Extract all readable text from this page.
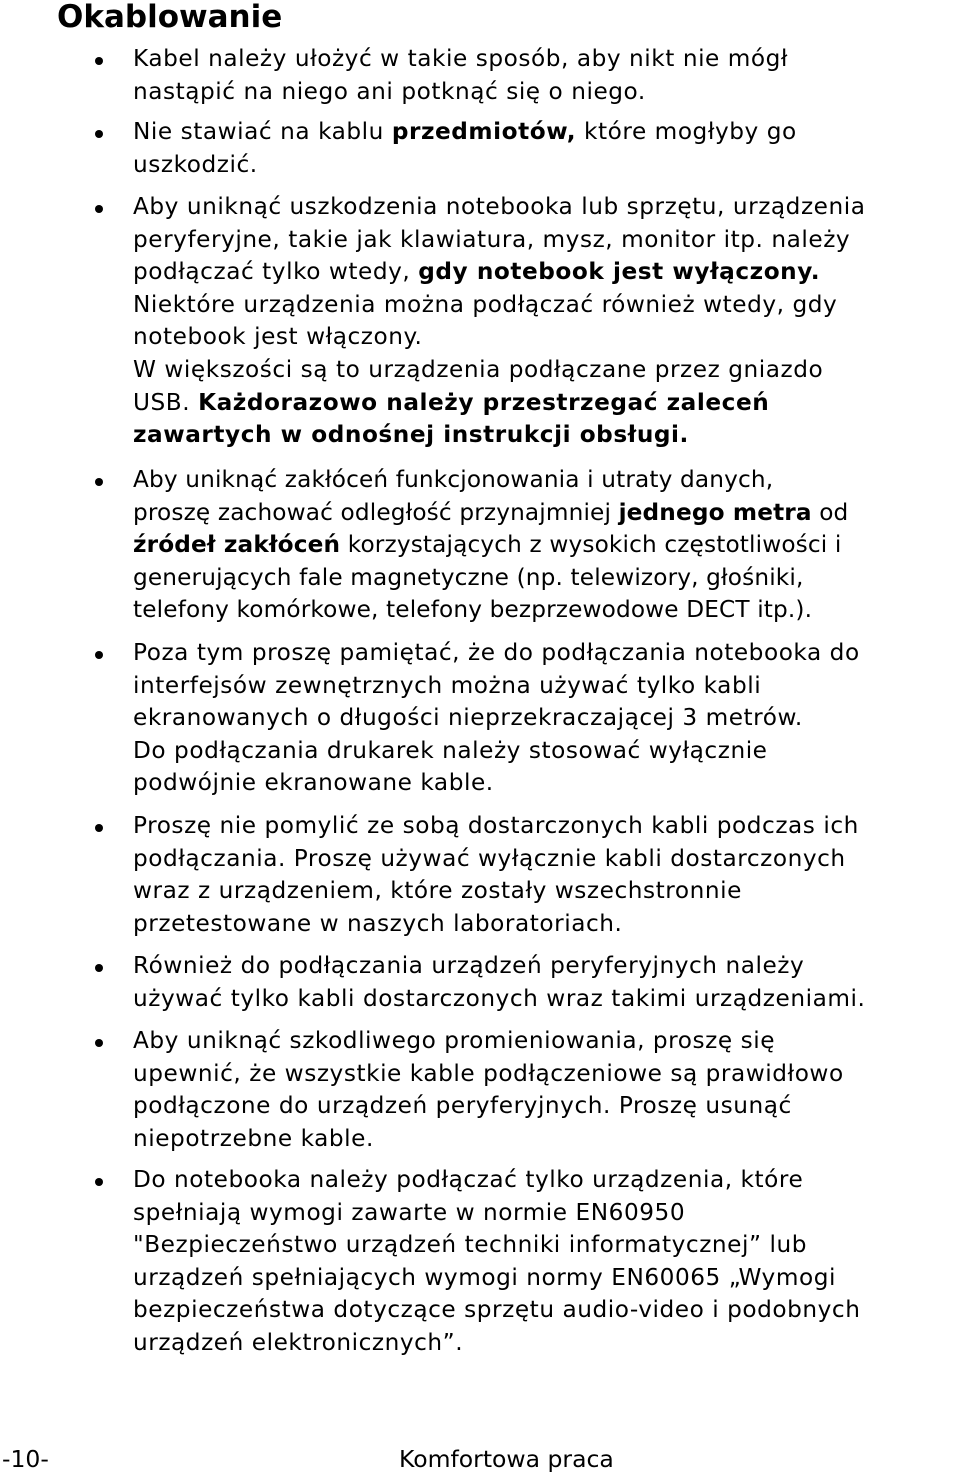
Okablowanie
Kabel należy ułożyć w takie sposób, aby nikt nie mógł
nastąpić na niego ani potknąć się o niego.
Nie stawiać na kablu przedmiotów, które mogłyby go
uszkodzić.
Aby uniknąć uszkodzenia notebooka lub sprzętu, urządzenia
peryferyjne, takie jak klawiatura, mysz, monitor itp. należy
podłączać tylko wtedy, gdy notebook jest wyłączony.
Niektóre urządzenia można podłączać również wtedy, gdy
notebook jest włączony.
W większości są to urządzenia podłączane przez gniazdo
USB. Każdorazowo należy przestrzegać zaleceń
zawartych w odnośnej instrukcji obsługi.
Aby uniknąć zakłóceń funkcjonowania i utraty danych,
proszę zachować odległość przynajmniej jednego metra od
źródeł zakłóceń korzystających z wysokich częstotliwości i
generujących fale magnetyczne (np. telewizory, głośniki,
telefony komórkowe, telefony bezprzewodowe DECT itp.).
Poza tym proszę pamiętać, że do podłączania notebooka do
interfejsów zewnętrznych można używać tylko kabli
ekranowanych o długości nieprzekraczającej 3 metrów.
Do podłączania drukarek należy stosować wyłącznie
podwójnie ekranowane kable.
Proszę nie pomylić ze sobą dostarczonych kabli podczas ich
podłączania. Proszę używać wyłącznie kabli dostarczonych
wraz z urządzeniem, które zostały wszechstronnie
przetestowane w naszych laboratoriach.
Również do podłączania urządzeń peryferyjnych należy
używać tylko kabli dostarczonych wraz takimi urządzeniami.
Aby uniknąć szkodliwego promieniowania, proszę się
upewnić, że wszystkie kable podłączeniowe są prawidłowo
podłączone do urządzeń peryferyjnych. Proszę usunąć
niepotrzebne kable.
Do notebooka należy podłączać tylko urządzenia, które
spełniają wymogi zawarte w normie EN60950
"Bezpieczeństwo urządzeń techniki informatycznej” lub
urządzeń spełniających wymogi normy EN60065 „Wymogi
bezpieczeństwa dotyczące sprzętu audio-video i podobnych
urządzeń elektronicznych”.
-10-	Komfortowa praca
